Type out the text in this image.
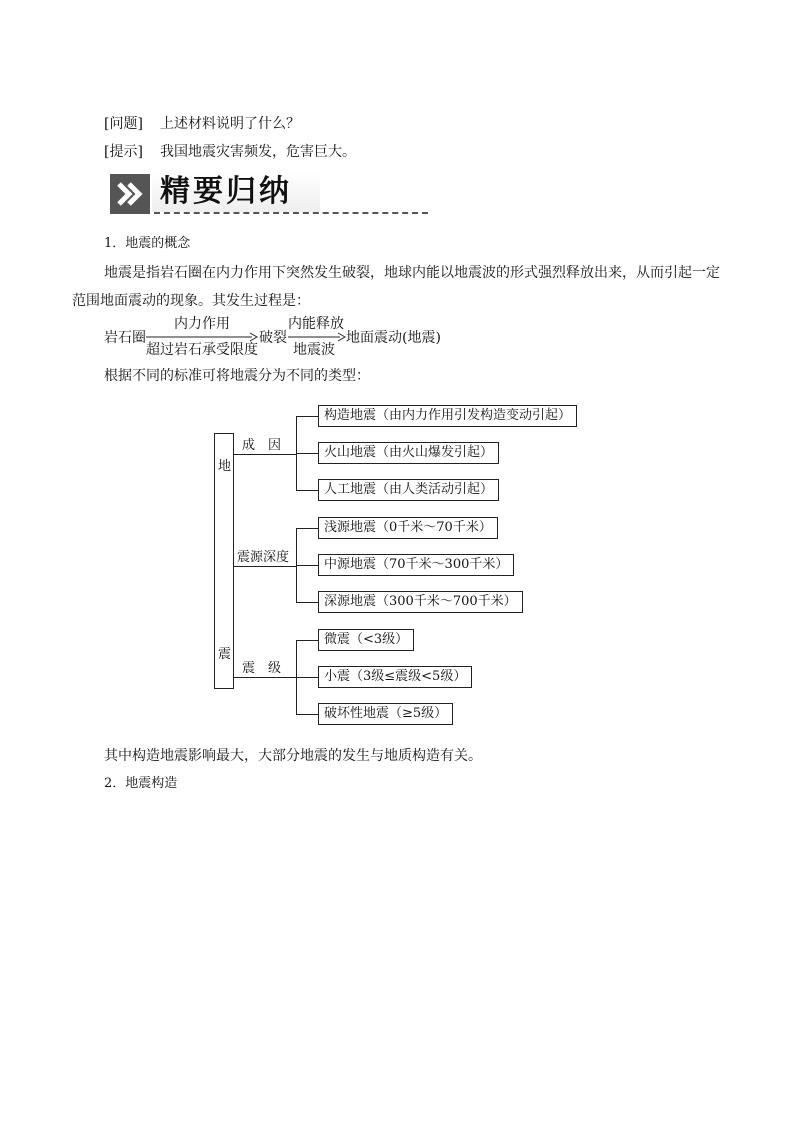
[问题] 上述材料说明了什么？
[提示] 我国地震灾害频发，危害巨大。
精要归纳
1．地震的概念
地震是指岩石圈在内力作用下突然发生破裂，地球内能以地震波的形式强烈释放出来，从而引起一定
范围地面震动的现象。其发生过程是：
岩石圈
内力作用
超过岩石承受限度
破裂
内能释放
地震波
地面震动(地震)
根据不同的标准可将地震分为不同的类型：
地
震
成　因
震源深度
震　级
构造地震（由内力作用引发构造变动引起）
火山地震（由火山爆发引起）
人工地震（由人类活动引起）
浅源地震（0千米～70千米）
中源地震（70千米～300千米）
深源地震（300千米～700千米）
微震（<3级）
小震（3级≤震级<5级）
破坏性地震（≥5级）
其中构造地震影响最大，大部分地震的发生与地质构造有关。
2．地震构造
